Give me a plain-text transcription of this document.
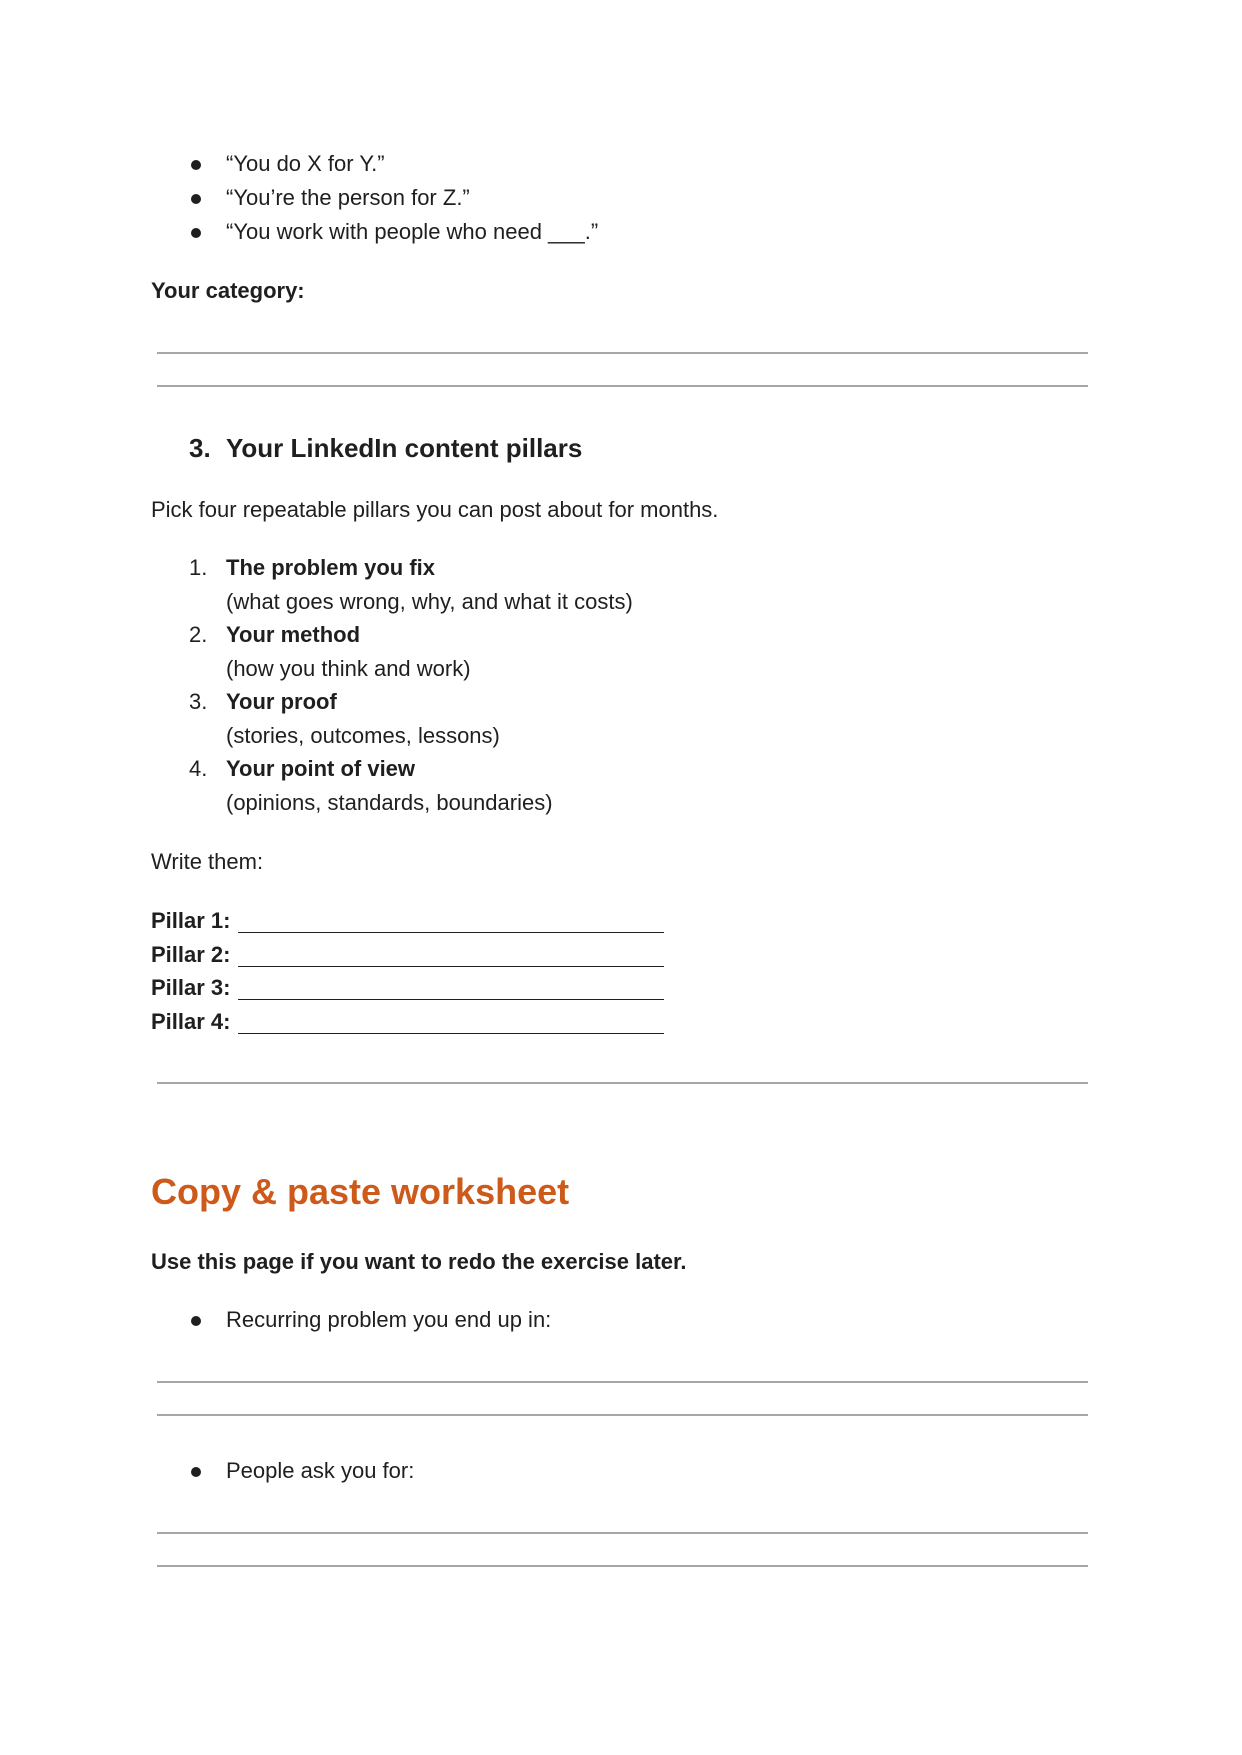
“You do X for Y.”
“You’re the person for Z.”
“You work with people who need ___.”
Your category:
3. Your LinkedIn content pillars
Pick four repeatable pillars you can post about for months.
1. The problem you fix
(what goes wrong, why, and what it costs)
2. Your method
(how you think and work)
3. Your proof
(stories, outcomes, lessons)
4. Your point of view
(opinions, standards, boundaries)
Write them:
Pillar 1:
Pillar 2:
Pillar 3:
Pillar 4:
Copy & paste worksheet
Use this page if you want to redo the exercise later.
Recurring problem you end up in:
People ask you for:
